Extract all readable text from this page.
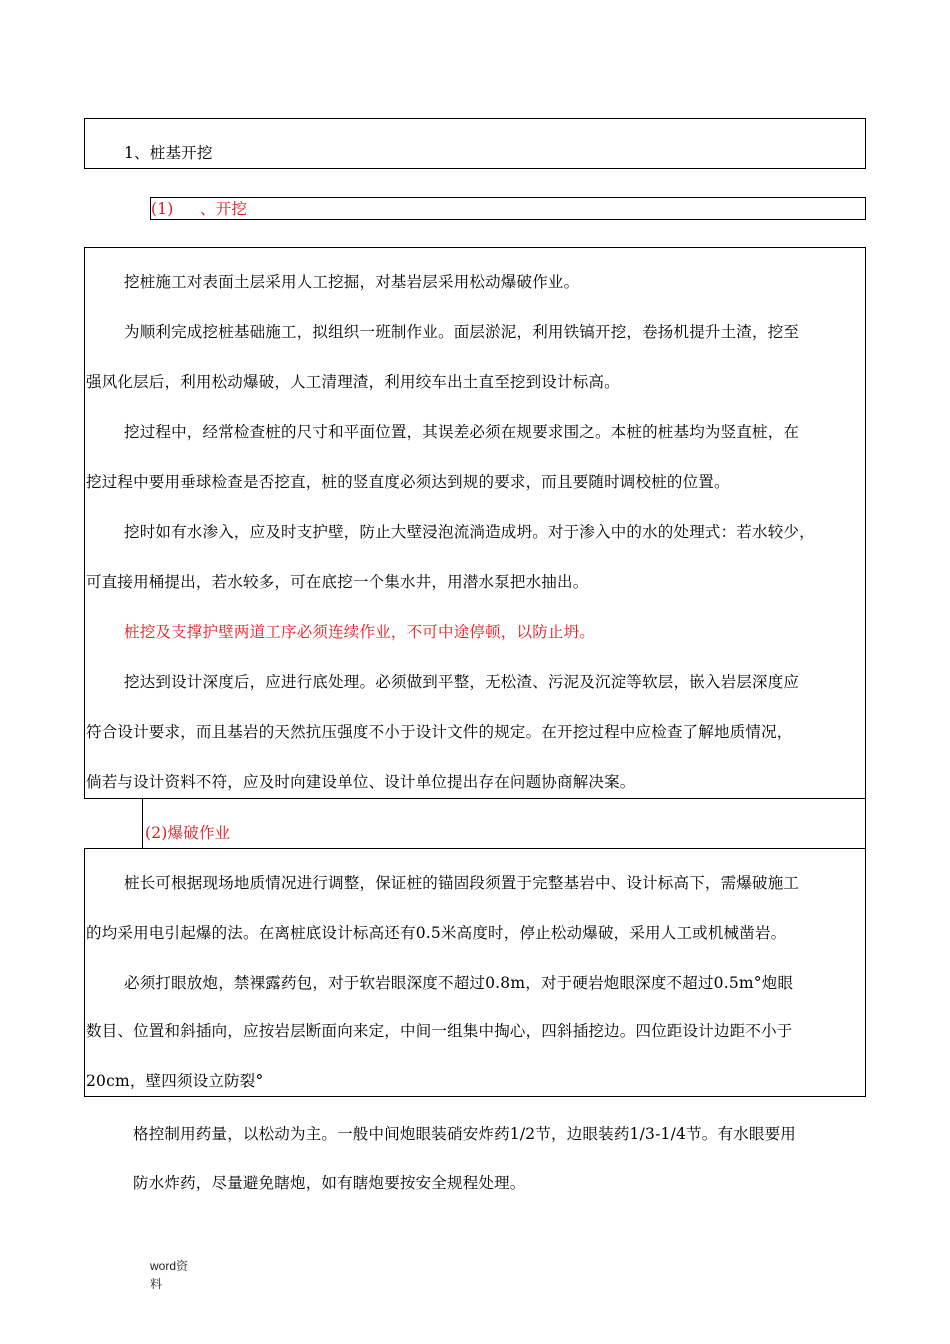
1、桩基开挖
(1) 、开挖
挖桩施工对表面土层采用人工挖掘，对基岩层采用松动爆破作业。
为顺利完成挖桩基础施工，拟组织一班制作业。面层淤泥，利用铁镐开挖，卷扬机提升土渣，挖至
强风化层后，利用松动爆破，人工清理渣，利用绞车出土直至挖到设计标高。
挖过程中，经常检查桩的尺寸和平面位置，其误差必须在规要求围之。本桩的桩基均为竖直桩，在
挖过程中要用垂球检查是否挖直，桩的竖直度必须达到规的要求，而且要随时调校桩的位置。
挖时如有水渗入，应及时支护壁，防止大壁浸泡流淌造成坍。对于渗入中的水的处理式：若水较少，
可直接用桶提出，若水较多，可在底挖一个集水井，用潜水泵把水抽出。
桩挖及支撑护壁两道工序必须连续作业，不可中途停顿，以防止坍。
挖达到设计深度后，应进行底处理。必须做到平整，无松渣、污泥及沉淀等软层，嵌入岩层深度应
符合设计要求，而且基岩的天然抗压强度不小于设计文件的规定。在开挖过程中应检查了解地质情况，
倘若与设计资料不符，应及时向建设单位、设计单位提出存在问题协商解决案。
(2)爆破作业
桩长可根据现场地质情况进行调整，保证桩的锚固段须置于完整基岩中、设计标高下，需爆破施工
的均采用电引起爆的法。在离桩底设计标高还有0.5米高度时，停止松动爆破，采用人工或机械凿岩。
必须打眼放炮，禁裸露药包，对于软岩眼深度不超过0.8m，对于硬岩炮眼深度不超过0.5m°炮眼
数目、位置和斜插向，应按岩层断面向来定，中间一组集中掏心，四斜插挖边。四位距设计边距不小于
20cm，壁四须设立防裂°
格控制用药量，以松动为主。一般中间炮眼装硝安炸药1/2节，边眼装药1/3-1/4节。有水眼要用
防水炸药，尽量避免瞎炮，如有瞎炮要按安全规程处理。
word资
料
